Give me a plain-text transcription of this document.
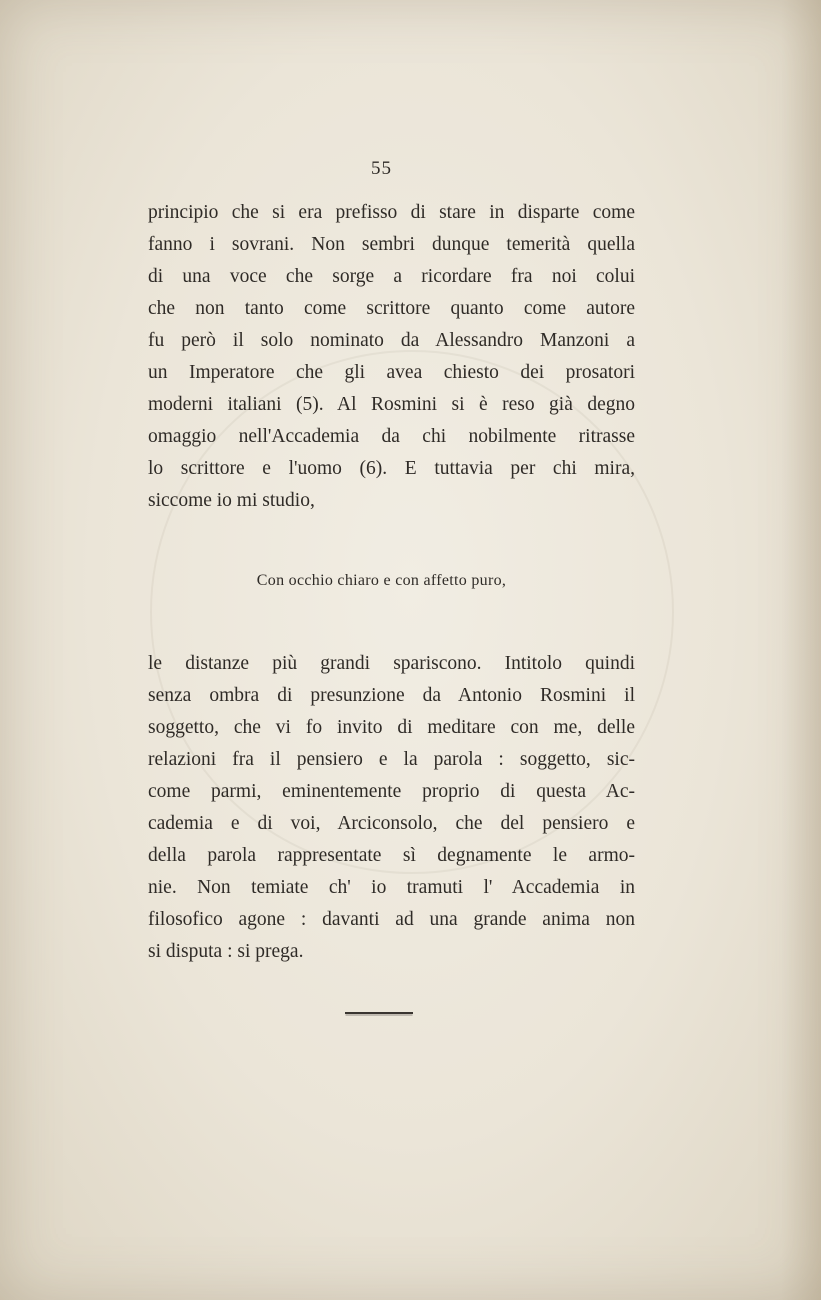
55
principio che si era prefisso di stare in disparte come
fanno i sovrani. Non sembri dunque temerità quella
di una voce che sorge a ricordare fra noi colui
che non tanto come scrittore quanto come autore
fu però il solo nominato da Alessandro Manzoni a
un Imperatore che gli avea chiesto dei prosatori
moderni italiani (5). Al Rosmini si è reso già degno
omaggio nell'Accademia da chi nobilmente ritrasse
lo scrittore e l'uomo (6). E tuttavia per chi mira,
siccome io mi studio,
Con occhio chiaro e con affetto puro,
le distanze più grandi spariscono. Intitolo quindi
senza ombra di presunzione da Antonio Rosmini il
soggetto, che vi fo invito di meditare con me, delle
relazioni fra il pensiero e la parola : soggetto, sic-
come parmi, eminentemente proprio di questa Ac-
cademia e di voi, Arciconsolo, che del pensiero e
della parola rappresentate sì degnamente le armo-
nie. Non temiate ch' io tramuti l' Accademia in
filosofico agone : davanti ad una grande anima non
si disputa : si prega.
